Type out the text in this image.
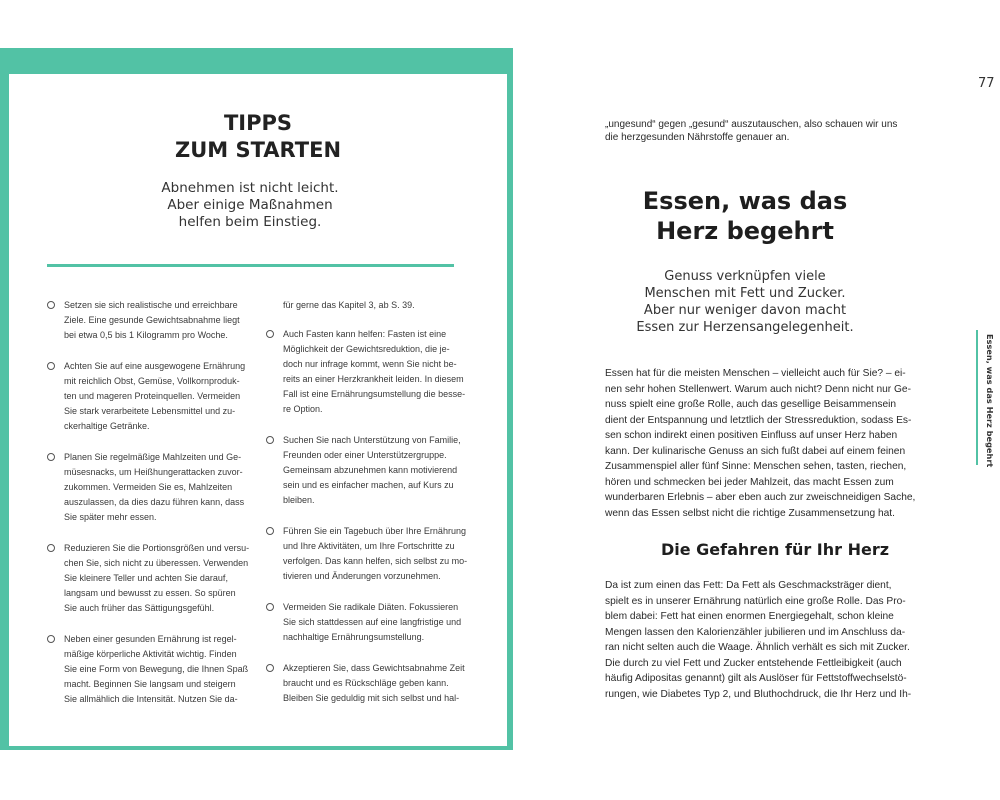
TIPPS
ZUM STARTEN

Abnehmen ist nicht leicht.
Aber einige Maßnahmen
helfen beim Einstieg.

Setzen sie sich realistische und erreichbare
Ziele. Eine gesunde Gewichtsabnahme liegt
bei etwa 0,5 bis 1 Kilogramm pro Woche.
Achten Sie auf eine ausgewogene Ernährung
mit reichlich Obst, Gemüse, Vollkornproduk-
ten und mageren Proteinquellen. Vermeiden
Sie stark verarbeitete Lebensmittel und zu-
ckerhaltige Getränke.
Planen Sie regelmäßige Mahlzeiten und Ge-
müsesnacks, um Heißhungerattacken zuvor-
zukommen. Vermeiden Sie es, Mahlzeiten
auszulassen, da dies dazu führen kann, dass
Sie später mehr essen.
Reduzieren Sie die Portionsgrößen und versu-
chen Sie, sich nicht zu überessen. Verwenden
Sie kleinere Teller und achten Sie darauf,
langsam und bewusst zu essen. So spüren
Sie auch früher das Sättigungsgefühl.
Neben einer gesunden Ernährung ist regel-
mäßige körperliche Aktivität wichtig. Finden
Sie eine Form von Bewegung, die Ihnen Spaß
macht. Beginnen Sie langsam und steigern
Sie allmählich die Intensität. Nutzen Sie da-
für gerne das Kapitel 3, ab S. 39.
Auch Fasten kann helfen: Fasten ist eine
Möglichkeit der Gewichtsreduktion, die je-
doch nur infrage kommt, wenn Sie nicht be-
reits an einer Herzkrankheit leiden. In diesem
Fall ist eine Ernährungsumstellung die besse-
re Option.
Suchen Sie nach Unterstützung von Familie,
Freunden oder einer Unterstützergruppe.
Gemeinsam abzunehmen kann motivierend
sein und es einfacher machen, auf Kurs zu
bleiben.
Führen Sie ein Tagebuch über Ihre Ernährung
und Ihre Aktivitäten, um Ihre Fortschritte zu
verfolgen. Das kann helfen, sich selbst zu mo-
tivieren und Änderungen vorzunehmen.
Vermeiden Sie radikale Diäten. Fokussieren
Sie sich stattdessen auf eine langfristige und
nachhaltige Ernährungsumstellung.
Akzeptieren Sie, dass Gewichtsabnahme Zeit
braucht und es Rückschläge geben kann.
Bleiben Sie geduldig mit sich selbst und hal-
77
Essen, was das Herz begehrt

„ungesund“ gegen „gesund“ auszutauschen, also schauen wir uns
die herzgesunden Nährstoffe genauer an.

Essen, was das
Herz begehrt

Genuss verknüpfen viele
Menschen mit Fett und Zucker.
Aber nur weniger davon macht
Essen zur Herzensangelegenheit.

Essen hat für die meisten Menschen – vielleicht auch für Sie? – ei-
nen sehr hohen Stellenwert. Warum auch nicht? Denn nicht nur Ge-
nuss spielt eine große Rolle, auch das gesellige Beisammensein
dient der Entspannung und letztlich der Stressreduktion, sodass Es-
sen schon indirekt einen positiven Einfluss auf unser Herz haben
kann. Der kulinarische Genuss an sich fußt dabei auf einem feinen
Zusammenspiel aller fünf Sinne: Menschen sehen, tasten, riechen,
hören und schmecken bei jeder Mahlzeit, das macht Essen zum
wunderbaren Erlebnis – aber eben auch zur zweischneidigen Sache,
wenn das Essen selbst nicht die richtige Zusammensetzung hat.

Die Gefahren für Ihr Herz

Da ist zum einen das Fett: Da Fett als Geschmacksträger dient,
spielt es in unserer Ernährung natürlich eine große Rolle. Das Pro-
blem dabei: Fett hat einen enormen Energiegehalt, schon kleine
Mengen lassen den Kalorienzähler jubilieren und im Anschluss da-
ran nicht selten auch die Waage. Ähnlich verhält es sich mit Zucker.
Die durch zu viel Fett und Zucker entstehende Fettleibigkeit (auch
häufig Adipositas genannt) gilt als Auslöser für Fettstoffwechselstö-
rungen, wie Diabetes Typ 2, und Bluthochdruck, die Ihr Herz und Ih-
